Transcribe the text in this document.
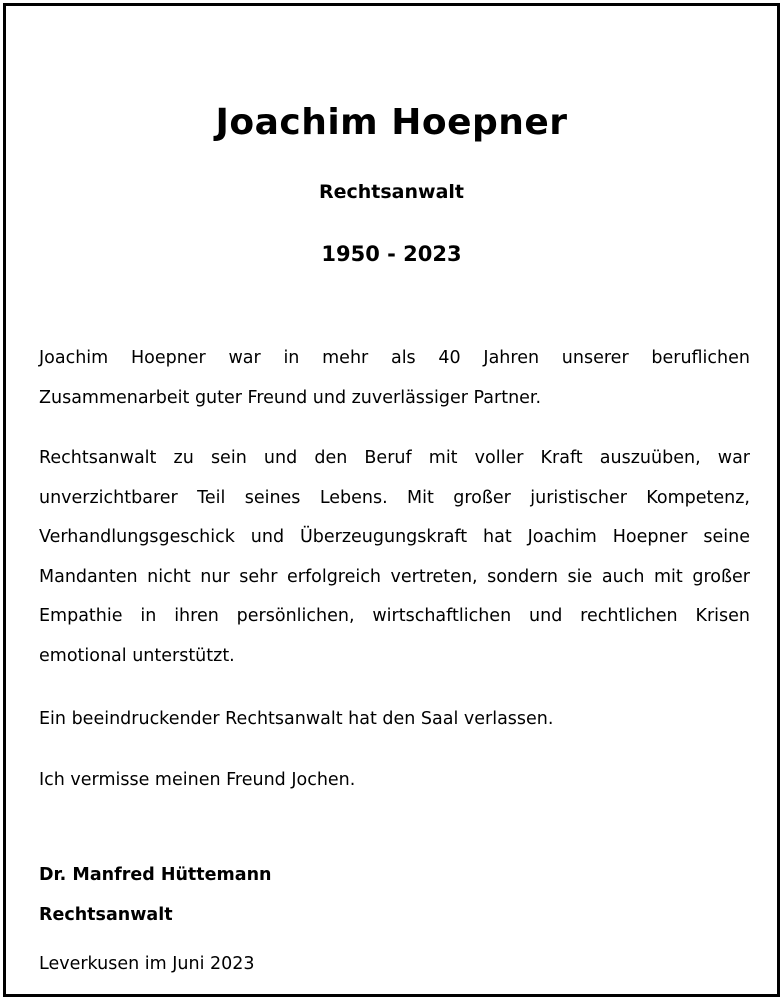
Joachim Hoepner
Rechtsanwalt
1950 - 2023
Joachim Hoepner war in mehr als 40 Jahren unserer beruflichen Zusammenarbeit guter Freund und zuverlässiger Partner.
Rechtsanwalt zu sein und den Beruf mit voller Kraft auszuüben, war unverzichtbarer Teil seines Lebens. Mit großer juristischer Kompetenz, Verhandlungsgeschick und Überzeugungskraft hat Joachim Hoepner seine Mandanten nicht nur sehr erfolgreich vertreten, sondern sie auch mit großer Empathie in ihren persönlichen, wirtschaftlichen und rechtlichen Krisen emotional unterstützt.
Ein beeindruckender Rechtsanwalt hat den Saal verlassen.
Ich vermisse meinen Freund Jochen.
Dr. Manfred Hüttemann
Rechtsanwalt
Leverkusen im Juni 2023
